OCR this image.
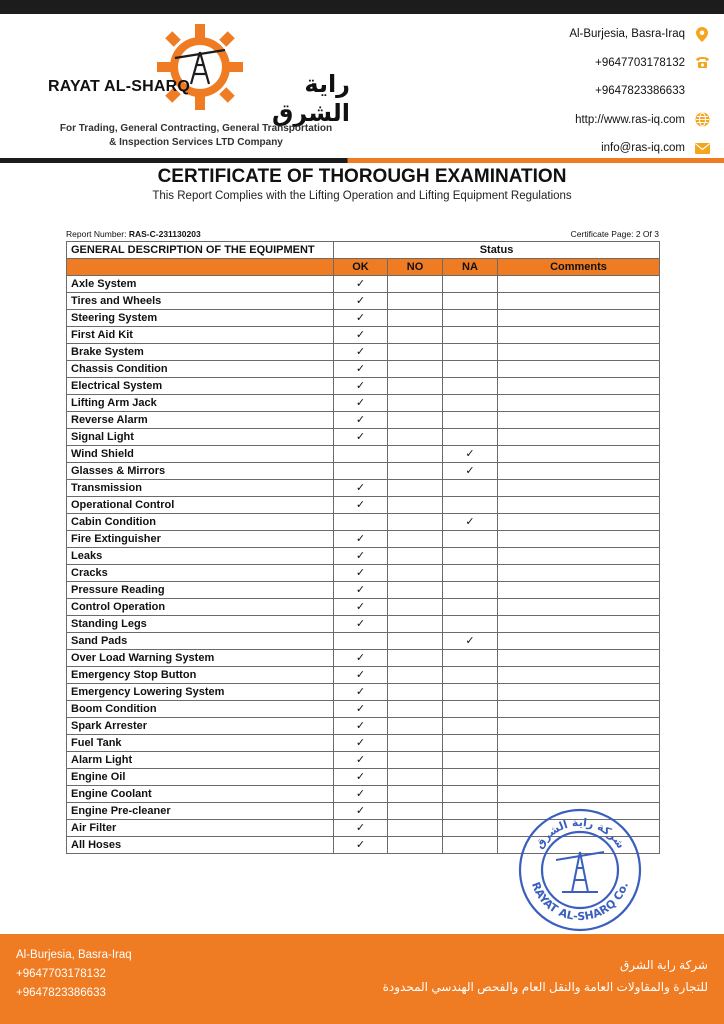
RAYAT AL-SHARQ	راية الشرق
For Trading, General Contracting, General Transportation
& Inspection Services LTD Company
Al-Burjesia, Basra-Iraq
+9647703178132
+9647823386633
http://www.ras-iq.com
info@ras-iq.com
CERTIFICATE OF THOROUGH EXAMINATION
This Report Complies with the Lifting Operation and Lifting Equipment Regulations
Report Number: RAS-C-231130203	Certificate Page: 2 Of 3
GENERAL DESCRIPTION OF THE EQUIPMENT	Status			
	OK	NO	NA	Comments
Axle System	✓			
Tires and Wheels	✓			
Steering System	✓			
First Aid Kit	✓			
Brake System	✓			
Chassis Condition	✓			
Electrical System	✓			
Lifting Arm Jack	✓			
Reverse Alarm	✓			
Signal Light	✓			
Wind Shield			✓	
Glasses & Mirrors			✓	
Transmission	✓			
Operational Control	✓			
Cabin Condition			✓	
Fire Extinguisher	✓			
Leaks	✓			
Cracks	✓			
Pressure Reading	✓			
Control Operation	✓			
Standing Legs	✓			
Sand Pads			✓	
Over Load Warning System	✓			
Emergency Stop Button	✓			
Emergency Lowering System	✓			
Boom Condition	✓			
Spark Arrester	✓			
Fuel Tank	✓			
Alarm Light	✓			
Engine Oil	✓			
Engine Coolant	✓			
Engine Pre-cleaner	✓			
Air Filter	✓			
All Hoses	✓				شركة راية الشرق
RAYAT AL-SHARQ Co.
Al-Burjesia, Basra-Iraq
+9647703178132
+9647823386633
شركة راية الشرق
للتجارة والمقاولات العامة والنقل العام والفحص الهندسي المحدودة
